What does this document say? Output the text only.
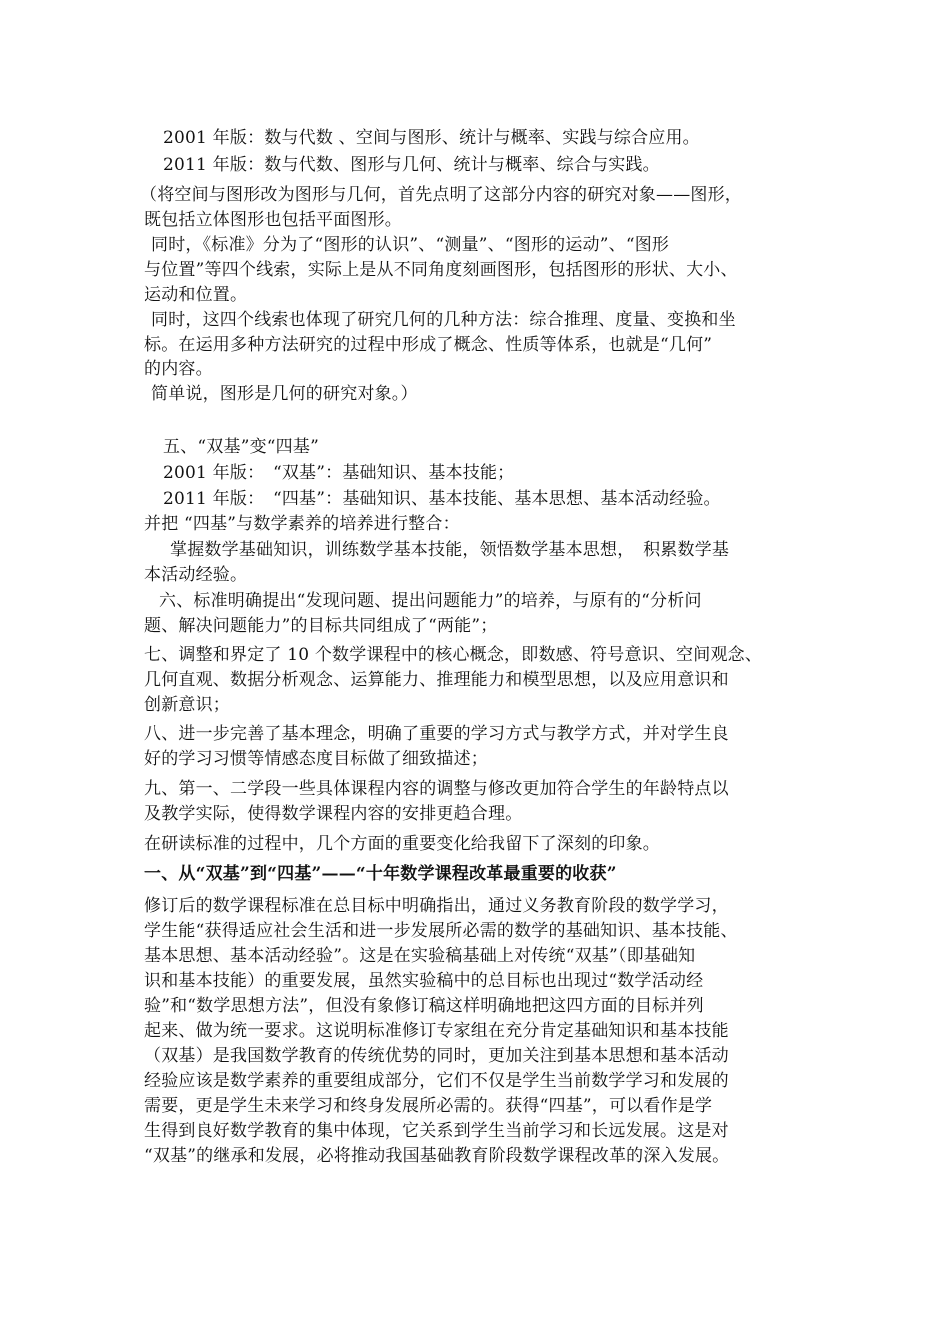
2001 年版：数与代数 、空间与图形、统计与概率、实践与综合应用。
2011 年版：数与代数、图形与几何、统计与概率、综合与实践。
（将空间与图形改为图形与几何，首先点明了这部分内容的研究对象——图形，
既包括立体图形也包括平面图形。
同时，《标准》分为了“图形的认识”、“测量”、“图形的运动”、“图形
与位置”等四个线索，实际上是从不同角度刻画图形，包括图形的形状、大小、
运动和位置。
同时，这四个线索也体现了研究几何的几种方法：综合推理、度量、变换和坐
标。在运用多种方法研究的过程中形成了概念、性质等体系，也就是“几何”
的内容。
简单说，图形是几何的研究对象。）
五、“双基”变“四基”
2001 年版：　“双基”：基础知识、基本技能；
2011 年版：　“四基”：基础知识、基本技能、基本思想、基本活动经验。
并把 “四基”与数学素养的培养进行整合：
掌握数学基础知识，训练数学基本技能，领悟数学基本思想，　积累数学基
本活动经验。
六、标准明确提出“发现问题、提出问题能力”的培养，与原有的“分析问
题、解决问题能力”的目标共同组成了“两能”；
七、调整和界定了 10 个数学课程中的核心概念，即数感、符号意识、空间观念、
几何直观、数据分析观念、运算能力、推理能力和模型思想，以及应用意识和
创新意识；
八、进一步完善了基本理念，明确了重要的学习方式与教学方式，并对学生良
好的学习习惯等情感态度目标做了细致描述；
九、第一、二学段一些具体课程内容的调整与修改更加符合学生的年龄特点以
及教学实际，使得数学课程内容的安排更趋合理。
在研读标准的过程中，几个方面的重要变化给我留下了深刻的印象。
一、从“双基”到“四基”——“十年数学课程改革最重要的收获”
修订后的数学课程标准在总目标中明确指出，通过义务教育阶段的数学学习，
学生能“获得适应社会生活和进一步发展所必需的数学的基础知识、基本技能、
基本思想、基本活动经验”。这是在实验稿基础上对传统“双基”（即基础知
识和基本技能）的重要发展，虽然实验稿中的总目标也出现过“数学活动经
验”和“数学思想方法”，但没有象修订稿这样明确地把这四方面的目标并列
起来、做为统一要求。这说明标准修订专家组在充分肯定基础知识和基本技能
（双基）是我国数学教育的传统优势的同时，更加关注到基本思想和基本活动
经验应该是数学素养的重要组成部分，它们不仅是学生当前数学学习和发展的
需要，更是学生未来学习和终身发展所必需的。获得“四基”，可以看作是学
生得到良好数学教育的集中体现，它关系到学生当前学习和长远发展。这是对
“双基”的继承和发展，必将推动我国基础教育阶段数学课程改革的深入发展。
